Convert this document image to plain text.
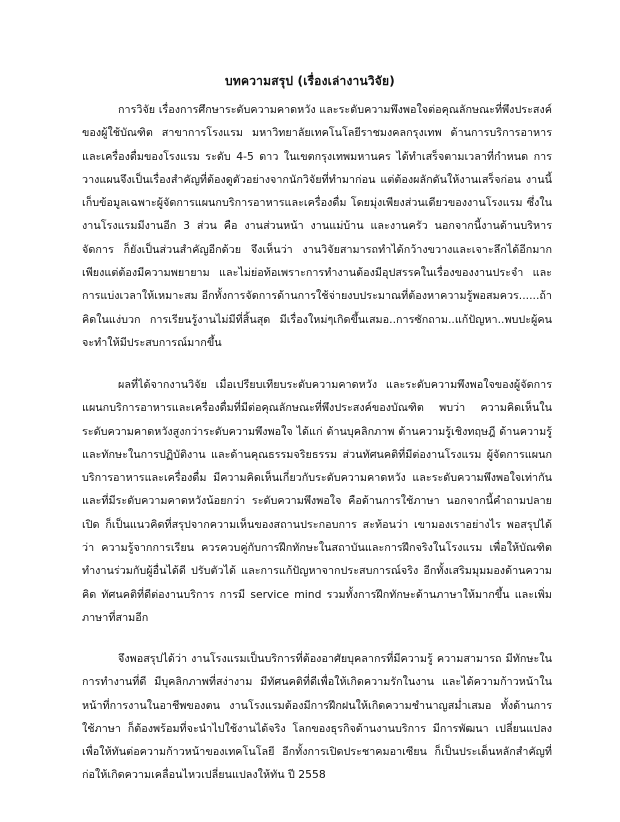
บทความสรุป (เรื่องเล่างานวิจัย)

การวิจัย เรื่องการศึกษาระดับความคาดหวัง และระดับความพึงพอใจต่อคุณลักษณะที่พึงประสงค์ของผู้ใช้บัณฑิต สาขาการโรงแรม มหาวิทยาลัยเทคโนโลยีราชมงคลกรุงเทพ ด้านการบริการอาหารและเครื่องดื่มของโรงแรม ระดับ 4-5 ดาว ในเขตกรุงเทพมหานคร ได้ทำเสร็จตามเวลาที่กำหนด การวางแผนจึงเป็นเรื่องสำคัญที่ต้องดูตัวอย่างจากนักวิจัยที่ทำมาก่อน แต่ต้องผลักดันให้งานเสร็จก่อน งานนี้เก็บข้อมูลเฉพาะผู้จัดการแผนกบริการอาหารและเครื่องดื่ม โดยมุ่งเพียงส่วนเดียวของงานโรงแรม ซึ่งในงานโรงแรมมีงานอีก 3 ส่วน คือ งานส่วนหน้า งานแม่บ้าน และงานครัว นอกจากนี้งานด้านบริหารจัดการ ก็ยังเป็นส่วนสำคัญอีกด้วย จึงเห็นว่า งานวิจัยสามารถทำได้กว้างขวางและเจาะลึกได้อีกมาก เพียงแต่ต้องมีความพยายาม และไม่ย่อท้อเพราะการทำงานต้องมีอุปสรรคในเรื่องของงานประจำ และการแบ่งเวลาให้เหมาะสม อีกทั้งการจัดการด้านการใช้จ่ายงบประมาณที่ต้องหาความรู้พอสมควร......ถ้าคิดในแง่บวก การเรียนรู้งานไม่มีที่สิ้นสุด มีเรื่องใหม่ๆเกิดขึ้นเสมอ..การซักถาม..แก้ปัญหา..พบปะผู้คน จะทำให้มีประสบการณ์มากขึ้น

ผลที่ได้จากงานวิจัย เมื่อเปรียบเทียบระดับความคาดหวัง และระดับความพึงพอใจของผู้จัดการแผนกบริการอาหารและเครื่องดื่มที่มีต่อคุณลักษณะที่พึงประสงค์ของบัณฑิต พบว่า ความคิดเห็นในระดับความคาดหวังสูงกว่าระดับความพึงพอใจ ได้แก่ ด้านบุคลิกภาพ ด้านความรู้เชิงทฤษฎี ด้านความรู้และทักษะในการปฏิบัติงาน และด้านคุณธรรมจริยธรรม ส่วนทัศนคติที่มีต่องานโรงแรม ผู้จัดการแผนกบริการอาหารและเครื่องดื่ม มีความคิดเห็นเกี่ยวกับระดับความคาดหวัง และระดับความพึงพอใจเท่ากัน และที่มีระดับความคาดหวังน้อยกว่า ระดับความพึงพอใจ คือด้านการใช้ภาษา นอกจากนี้คำถามปลายเปิด ก็เป็นแนวคิดที่สรุปจากความเห็นของสถานประกอบการ สะท้อนว่า เขามองเราอย่างไร พอสรุปได้ว่า ความรู้จากการเรียน ควรควบคู่กับการฝึกทักษะในสถาบันและการฝึกจริงในโรงแรม เพื่อให้บัณฑิตทำงานร่วมกับผู้อื่นได้ดี ปรับตัวได้ และการแก้ปัญหาจากประสบการณ์จริง อีกทั้งเสริมมุมมองด้านความคิด ทัศนคติที่ดีต่องานบริการ การมี service mind รวมทั้งการฝึกทักษะด้านภาษาให้มากขึ้น และเพิ่มภาษาที่สามอีก

จึงพอสรุปได้ว่า งานโรงแรมเป็นบริการที่ต้องอาศัยบุคลากรที่มีความรู้ ความสามารถ มีทักษะในการทำงานที่ดี มีบุคลิกภาพที่สง่างาม มีทัศนคติที่ดีเพื่อให้เกิดความรักในงาน และได้ความก้าวหน้าในหน้าที่การงานในอาชีพของตน งานโรงแรมต้องมีการฝึกฝนให้เกิดความชำนาญสม่ำเสมอ ทั้งด้านการใช้ภาษา ก็ต้องพร้อมที่จะนำไปใช้งานได้จริง โลกของธุรกิจด้านงานบริการ มีการพัฒนา เปลี่ยนแปลงเพื่อให้ทันต่อความก้าวหน้าของเทคโนโลยี อีกทั้งการเปิดประชาคมอาเซียน ก็เป็นประเด็นหลักสำคัญที่ก่อให้เกิดความเคลื่อนไหวเปลี่ยนแปลงให้ทัน ปี 2558
